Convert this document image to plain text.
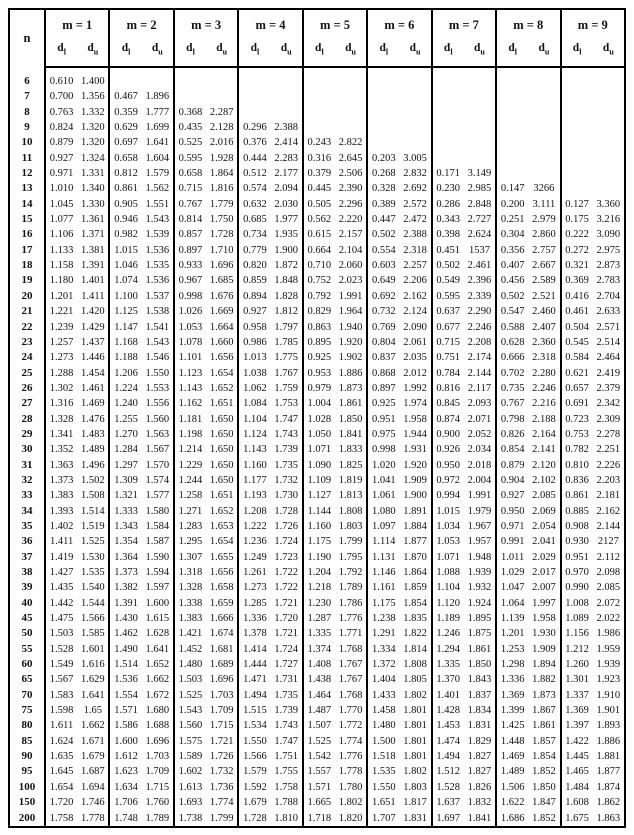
n	m = 1		m = 2		m = 3		m = 4		m = 5		m = 6		m = 7		m = 8		m = 9	
	$d_l$	$d_u$	$d_l$	$d_u$	$d_l$	$d_u$	$d_l$	$d_u$	$d_l$	$d_u$	$d_l$	$d_u$	$d_l$	$d_u$	$d_l$	$d_u$	$d_l$	$d_u$
6	0.610	1.400																
7	0.700	1.356	0.467	1.896														
8	0.763	1.332	0.359	1.777	0.368	2.287												
9	0.824	1.320	0.629	1.699	0.435	2.128	0.296	2.388										
10	0.879	1.320	0.697	1.641	0.525	2.016	0.376	2.414	0.243	2.822								
11	0.927	1.324	0.658	1.604	0.595	1.928	0.444	2.283	0.316	2.645	0.203	3.005						
12	0.971	1.331	0.812	1.579	0.658	1.864	0.512	2.177	0.379	2.506	0.268	2.832	0.171	3.149				
13	1.010	1.340	0.861	1.562	0.715	1.816	0.574	2.094	0.445	2.390	0.328	2.692	0.230	2.985	0.147	3266		
14	1.045	1.330	0.905	1.551	0.767	1.779	0.632	2.030	0.505	2.296	0.389	2.572	0.286	2.848	0.200	3.111	0.127	3.360
15	1.077	1.361	0.946	1.543	0.814	1.750	0.685	1.977	0.562	2.220	0.447	2.472	0.343	2.727	0.251	2.979	0.175	3.216
16	1.106	1.371	0.982	1.539	0.857	1.728	0.734	1.935	0.615	2.157	0.502	2.388	0.398	2.624	0.304	2.860	0.222	3.090
17	1.133	1.381	1.015	1.536	0.897	1.710	0.779	1.900	0.664	2.104	0.554	2.318	0.451	1537	0.356	2.757	0.272	2.975
18	1.158	1.391	1.046	1.535	0.933	1.696	0.820	1.872	0.710	2.060	0.603	2.257	0.502	2.461	0.407	2.667	0.321	2.873
19	1.180	1.401	1.074	1.536	0.967	1.685	0.859	1.848	0.752	2.023	0.649	2.206	0.549	2.396	0.456	2.589	0.369	2.783
20	1.201	1.411	1.100	1.537	0.998	1.676	0.894	1.828	0.792	1.991	0.692	2.162	0.595	2.339	0.502	2.521	0.416	2.704
21	1.221	1.420	1.125	1.538	1.026	1.669	0.927	1.812	0.829	1.964	0.732	2.124	0.637	2.290	0.547	2.460	0.461	2.633
22	1.239	1.429	1.147	1.541	1.053	1.664	0.958	1.797	0.863	1.940	0.769	2.090	0.677	2.246	0.588	2.407	0.504	2.571
23	1.257	1.437	1.168	1.543	1.078	1.660	0.986	1.785	0.895	1.920	0.804	2.061	0.715	2.208	0.628	2.360	0.545	2.514
24	1.273	1.446	1.188	1.546	1.101	1.656	1.013	1.775	0.925	1.902	0.837	2.035	0.751	2.174	0.666	2.318	0.584	2.464
25	1.288	1.454	1.206	1.550	1.123	1.654	1.038	1.767	0.953	1.886	0.868	2.012	0.784	2.144	0.702	2.280	0.621	2.419
26	1.302	1.461	1.224	1.553	1.143	1.652	1.062	1.759	0.979	1.873	0.897	1.992	0.816	2.117	0.735	2.246	0.657	2.379
27	1.316	1.469	1.240	1.556	1.162	1.651	1.084	1.753	1.004	1.861	0.925	1.974	0.845	2.093	0.767	2.216	0.691	2.342
28	1.328	1.476	1.255	1.560	1.181	1.650	1.104	1.747	1.028	1.850	0.951	1.958	0.874	2.071	0.798	2.188	0.723	2.309
29	1.341	1.483	1.270	1.563	1.198	1.650	1.124	1.743	1.050	1.841	0.975	1.944	0.900	2.052	0.826	2.164	0.753	2.278
30	1.352	1.489	1.284	1.567	1.214	1.650	1.143	1.739	1.071	1.833	0.998	1.931	0.926	2.034	0.854	2.141	0.782	2.251
31	1.363	1.496	1.297	1.570	1.229	1.650	1.160	1.735	1.090	1.825	1.020	1.920	0.950	2.018	0.879	2.120	0.810	2.226
32	1.373	1.502	1.309	1.574	1.244	1.650	1.177	1.732	1.109	1.819	1.041	1.909	0.972	2.004	0.904	2.102	0.836	2.203
33	1.383	1.508	1.321	1.577	1.258	1.651	1.193	1.730	1.127	1.813	1.061	1.900	0.994	1.991	0.927	2.085	0.861	2.181
34	1.393	1.514	1.333	1.580	1.271	1.652	1.208	1.728	1.144	1.808	1.080	1.891	1.015	1.979	0.950	2.069	0.885	2.162
35	1.402	1.519	1.343	1.584	1.283	1.653	1.222	1.726	1.160	1.803	1.097	1.884	1.034	1.967	0.971	2.054	0.908	2.144
36	1.411	1.525	1.354	1.587	1.295	1.654	1.236	1.724	1.175	1.799	1.114	1.877	1.053	1.957	0.991	2.041	0.930	2127
37	1.419	1.530	1.364	1.590	1.307	1.655	1.249	1.723	1.190	1.795	1.131	1.870	1.071	1.948	1.011	2.029	0.951	2.112
38	1.427	1.535	1.373	1.594	1.318	1.656	1.261	1.722	1.204	1.792	1.146	1.864	1.088	1.939	1.029	2.017	0.970	2.098
39	1.435	1.540	1.382	1.597	1.328	1.658	1.273	1.722	1.218	1.789	1.161	1.859	1.104	1.932	1.047	2.007	0.990	2.085
40	1.442	1.544	1.391	1.600	1.338	1.659	1.285	1.721	1.230	1.786	1.175	1.854	1.120	1.924	1.064	1.997	1.008	2.072
45	1.475	1.566	1.430	1.615	1.383	1.666	1.336	1.720	1.287	1.776	1.238	1.835	1.189	1.895	1.139	1.958	1.089	2.022
50	1.503	1.585	1.462	1.628	1.421	1.674	1.378	1.721	1.335	1.771	1.291	1.822	1.246	1.875	1.201	1.930	1.156	1.986
55	1.528	1.601	1.490	1.641	1.452	1.681	1.414	1.724	1.374	1.768	1.334	1.814	1.294	1.861	1.253	1.909	1.212	1.959
60	1.549	1.616	1.514	1.652	1.480	1.689	1.444	1.727	1.408	1.767	1.372	1.808	1.335	1.850	1.298	1.894	1.260	1.939
65	1.567	1.629	1.536	1.662	1.503	1.696	1.471	1.731	1.438	1.767	1.404	1.805	1.370	1.843	1.336	1.882	1.301	1.923
70	1.583	1.641	1.554	1.672	1.525	1.703	1.494	1.735	1.464	1.768	1.433	1.802	1.401	1.837	1.369	1.873	1.337	1.910
75	1.598	1.65	1.571	1.680	1.543	1.709	1.515	1.739	1.487	1.770	1.458	1.801	1.428	1.834	1.399	1.867	1.369	1.901
80	1.611	1.662	1.586	1.688	1.560	1.715	1.534	1.743	1.507	1.772	1.480	1.801	1.453	1.831	1.425	1.861	1.397	1.893
85	1.624	1.671	1.600	1.696	1.575	1.721	1.550	1.747	1.525	1.774	1.500	1.801	1.474	1.829	1.448	1.857	1.422	1.886
90	1.635	1.679	1.612	1.703	1.589	1.726	1.566	1.751	1.542	1.776	1.518	1.801	1.494	1.827	1.469	1.854	1.445	1.881
95	1.645	1.687	1.623	1.709	1.602	1.732	1.579	1.755	1.557	1.778	1.535	1.802	1.512	1.827	1.489	1.852	1.465	1.877
100	1.654	1.694	1.634	1.715	1.613	1.736	1.592	1.758	1.571	1.780	1.550	1.803	1.528	1.826	1.506	1.850	1.484	1.874
150	1.720	1.746	1.706	1.760	1.693	1.774	1.679	1.788	1.665	1.802	1.651	1.817	1.637	1.832	1.622	1.847	1.608	1.862
200	1.758	1.778	1.748	1.789	1.738	1.799	1.728	1.810	1.718	1.820	1.707	1.831	1.697	1.841	1.686	1.852	1.675	1.863
